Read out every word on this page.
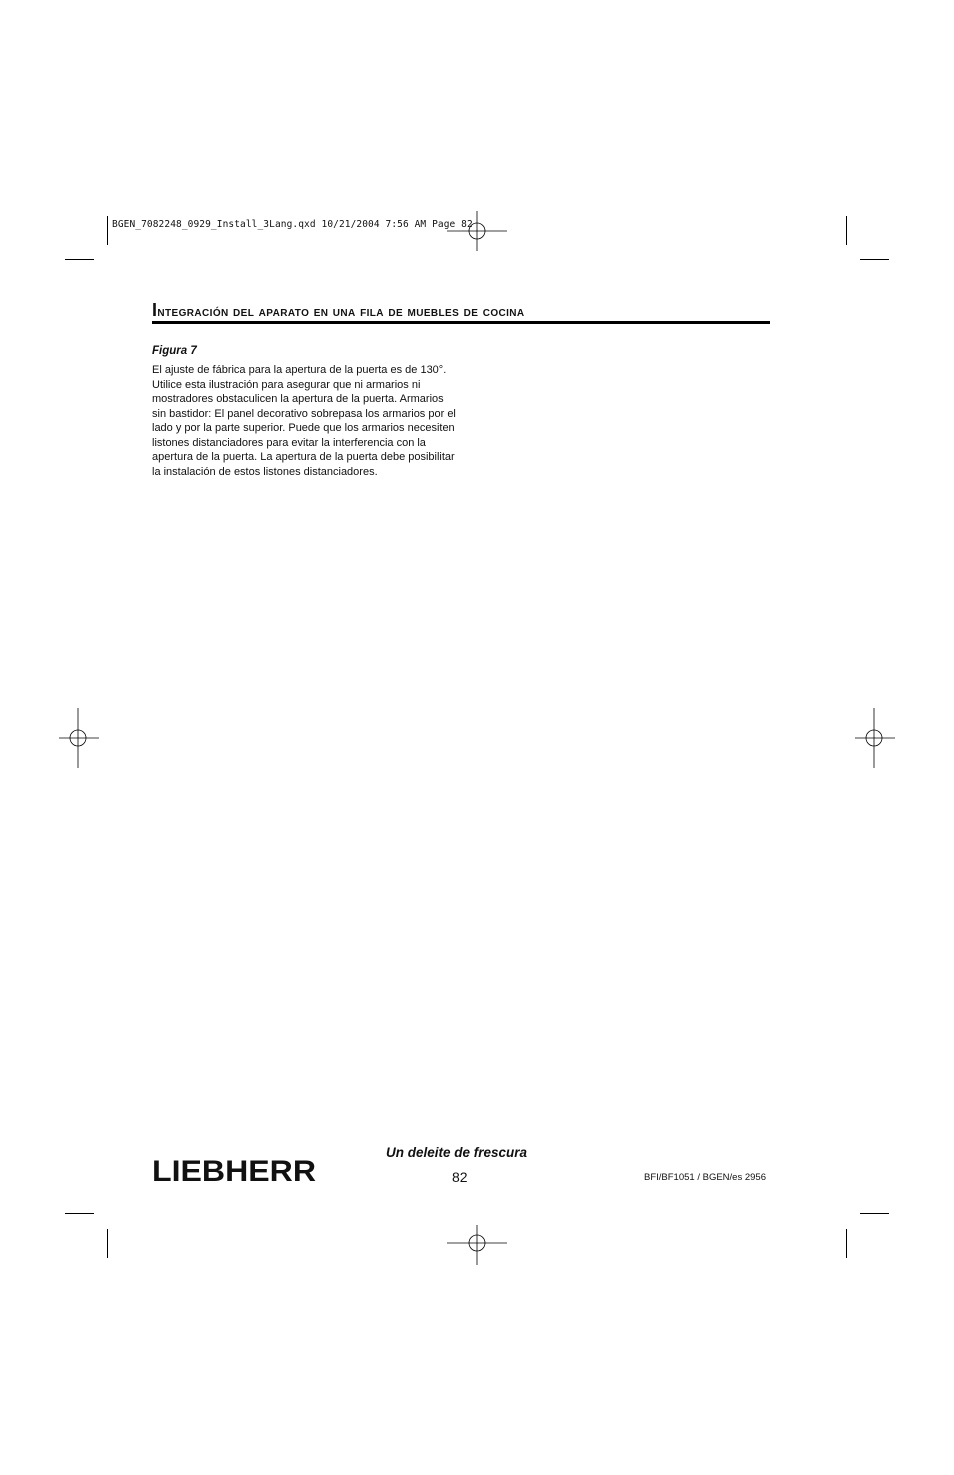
BGEN_7082248_0929_Install_3Lang.qxd 10/21/2004 7:56 AM Page 82
Integración del aparato en una fila de muebles de cocina
Figura 7
El ajuste de fábrica para la apertura de la puerta es de 130°. Utilice esta ilustración para asegurar que ni armarios ni mostradores obstaculicen la apertura de la puerta. Armarios sin bastidor: El panel decorativo sobrepasa los armarios por el lado y por la parte superior. Puede que los armarios necesiten listones distanciadores para evitar la interferencia con la apertura de la puerta. La apertura de la puerta debe posibilitar la instalación de estos listones distanciadores.
LIEBHERR
Un deleite de frescura
82	BFI/BF1051 / BGEN/es 2956
